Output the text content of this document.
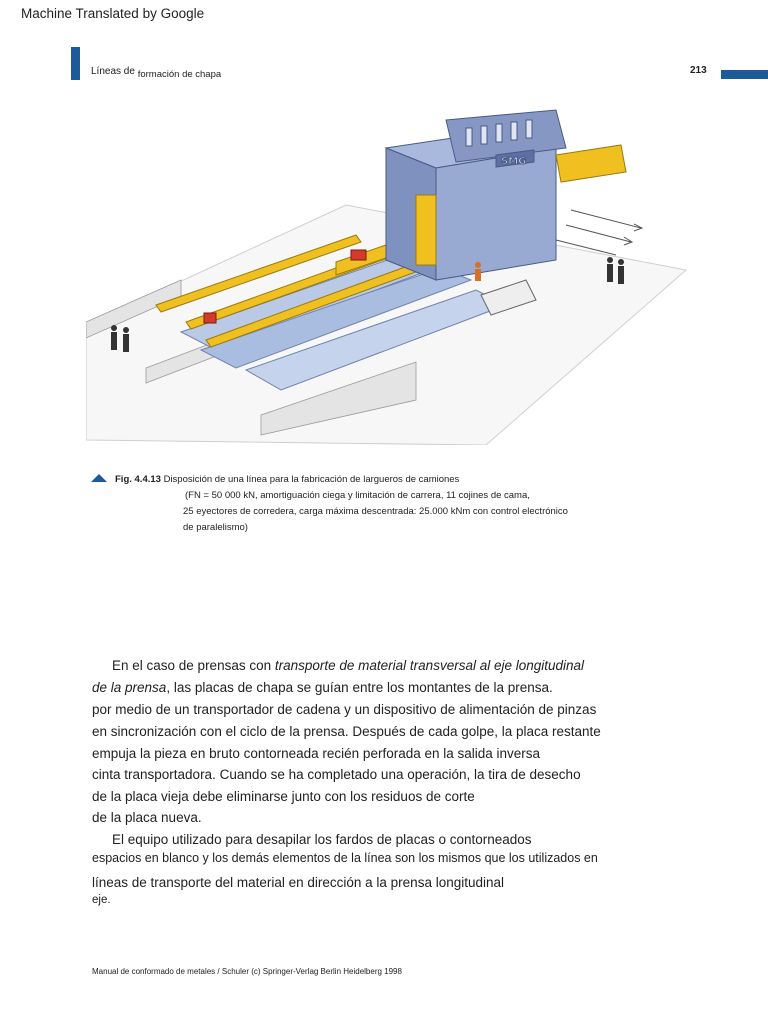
Machine Translated by Google
Líneas de formación de chapa	213
SMG
Fig. 4.4.13 Disposición de una línea para la fabricación de largueros de camiones
(FN = 50 000 kN, amortiguación ciega y limitación de carrera, 11 cojines de cama,
25 eyectores de corredera, carga máxima descentrada: 25.000 kNm con control electrónico
de paralelismo)
En el caso de prensas con transporte de material transversal al eje longitudinal
de la prensa, las placas de chapa se guían entre los montantes de la prensa.
por medio de un transportador de cadena y un dispositivo de alimentación de pinzas
en sincronización con el ciclo de la prensa. Después de cada golpe, la placa restante
empuja la pieza en bruto contorneada recién perforada en la salida inversa
cinta transportadora. Cuando se ha completado una operación, la tira de desecho
de la placa vieja debe eliminarse junto con los residuos de corte
de la placa nueva.
El equipo utilizado para desapilar los fardos de placas o contorneados
espacios en blanco y los demás elementos de la línea son los mismos que los utilizados en
líneas de transporte del material en dirección a la prensa longitudinal
eje.
Manual de conformado de metales / Schuler (c) Springer-Verlag Berlin Heidelberg 1998
